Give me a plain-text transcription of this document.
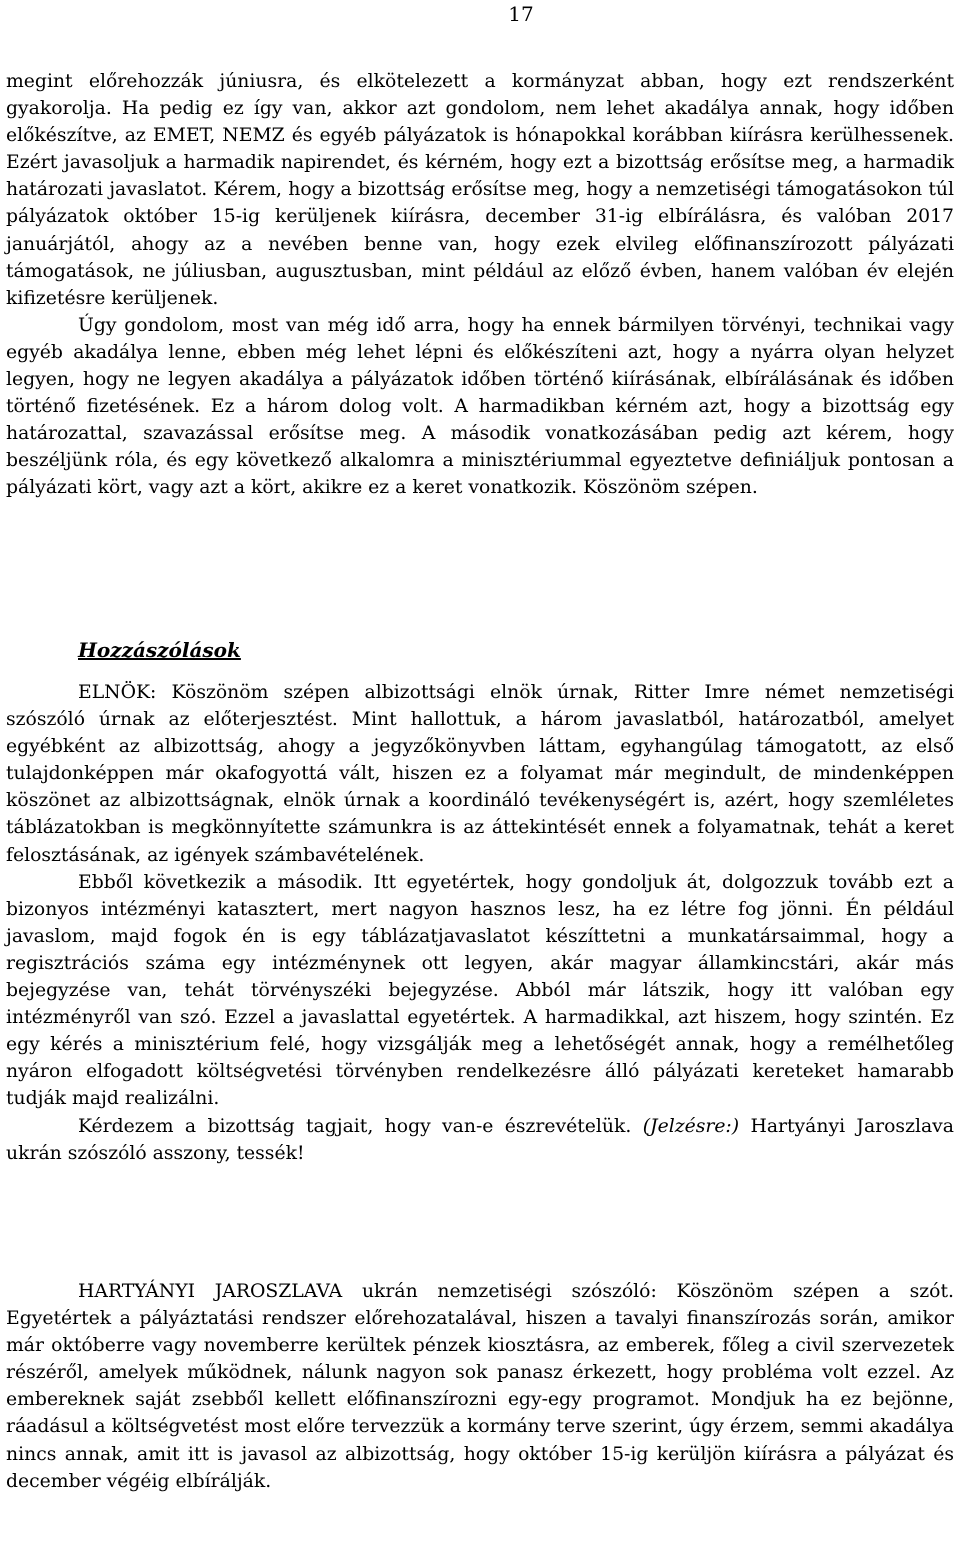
17

megint előrehozzák júniusra, és elkötelezett a kormányzat abban, hogy ezt rendszerként gyakorolja. Ha pedig ez így van, akkor azt gondolom, nem lehet akadálya annak, hogy időben előkészítve, az EMET, NEMZ és egyéb pályázatok is hónapokkal korábban kiírásra kerülhessenek. Ezért javasoljuk a harmadik napirendet, és kérném, hogy ezt a bizottság erősítse meg, a harmadik határozati javaslatot. Kérem, hogy a bizottság erősítse meg, hogy a nemzetiségi támogatásokon túl pályázatok október 15-ig kerüljenek kiírásra, december 31-ig elbírálásra, és valóban 2017 januárjától, ahogy az a nevében benne van, hogy ezek elvileg előfinanszírozott pályázati támogatások, ne júliusban, augusztusban, mint például az előző évben, hanem valóban év elején kifizetésre kerüljenek.

Úgy gondolom, most van még idő arra, hogy ha ennek bármilyen törvényi, technikai vagy egyéb akadálya lenne, ebben még lehet lépni és előkészíteni azt, hogy a nyárra olyan helyzet legyen, hogy ne legyen akadálya a pályázatok időben történő kiírásának, elbírálásának és időben történő fizetésének. Ez a három dolog volt. A harmadikban kérném azt, hogy a bizottság egy határozattal, szavazással erősítse meg. A második vonatkozásában pedig azt kérem, hogy beszéljünk róla, és egy következő alkalomra a minisztériummal egyeztetve definiáljuk pontosan a pályázati kört, vagy azt a kört, akikre ez a keret vonatkozik. Köszönöm szépen.

Hozzászólások

ELNÖK: Köszönöm szépen albizottsági elnök úrnak, Ritter Imre német nemzetiségi szószóló úrnak az előterjesztést. Mint hallottuk, a három javaslatból, határozatból, amelyet egyébként az albizottság, ahogy a jegyzőkönyvben láttam, egyhangúlag támogatott, az első tulajdonképpen már okafogyottá vált, hiszen ez a folyamat már megindult, de mindenképpen köszönet az albizottságnak, elnök úrnak a koordináló tevékenységért is, azért, hogy szemléletes táblázatokban is megkönnyítette számunkra is az áttekintését ennek a folyamatnak, tehát a keret felosztásának, az igények számbavételének.

Ebből következik a második. Itt egyetértek, hogy gondoljuk át, dolgozzuk tovább ezt a bizonyos intézményi katasztert, mert nagyon hasznos lesz, ha ez létre fog jönni. Én például javaslom, majd fogok én is egy táblázatjavaslatot készíttetni a munkatársaimmal, hogy a regisztrációs száma egy intézménynek ott legyen, akár magyar államkincstári, akár más bejegyzése van, tehát törvényszéki bejegyzése. Abból már látszik, hogy itt valóban egy intézményről van szó. Ezzel a javaslattal egyetértek. A harmadikkal, azt hiszem, hogy szintén. Ez egy kérés a minisztérium felé, hogy vizsgálják meg a lehetőségét annak, hogy a remélhetőleg nyáron elfogadott költségvetési törvényben rendelkezésre álló pályázati kereteket hamarabb tudják majd realizálni.

Kérdezem a bizottság tagjait, hogy van-e észrevételük. (Jelzésre:) Hartyányi Jaroszlava ukrán szószóló asszony, tessék!

HARTYÁNYI JAROSZLAVA ukrán nemzetiségi szószóló: Köszönöm szépen a szót. Egyetértek a pályáztatási rendszer előrehozatalával, hiszen a tavalyi finanszírozás során, amikor már októberre vagy novemberre kerültek pénzek kiosztásra, az emberek, főleg a civil szervezetek részéről, amelyek működnek, nálunk nagyon sok panasz érkezett, hogy probléma volt ezzel. Az embereknek saját zsebből kellett előfinanszírozni egy-egy programot. Mondjuk ha ez bejönne, ráadásul a költségvetést most előre tervezzük a kormány terve szerint, úgy érzem, semmi akadálya nincs annak, amit itt is javasol az albizottság, hogy október 15-ig kerüljön kiírásra a pályázat és december végéig elbírálják.
